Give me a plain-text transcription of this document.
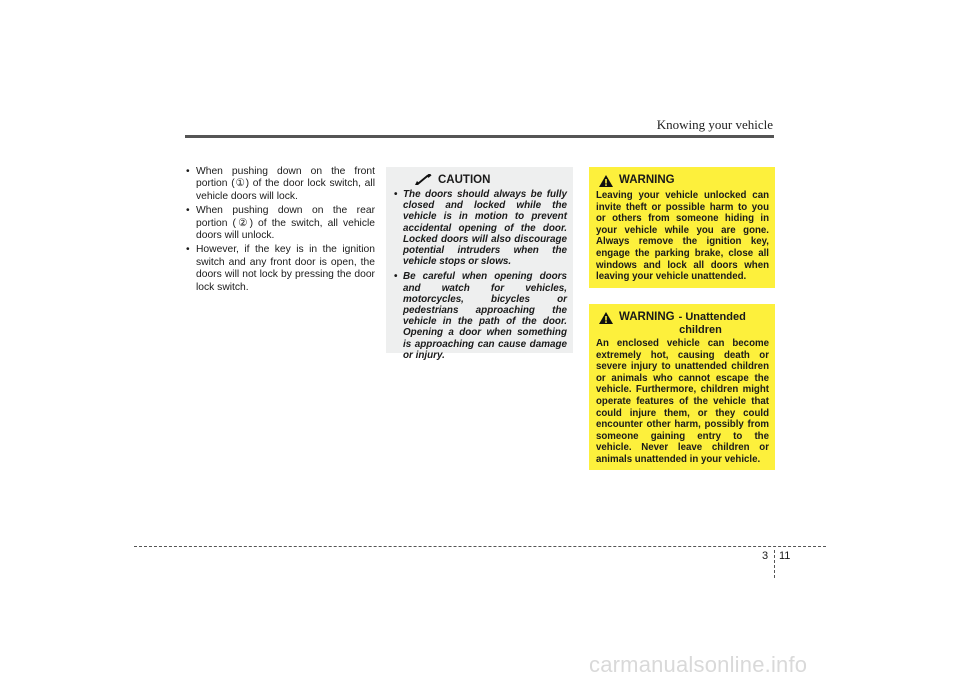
Knowing your vehicle
• When pushing down on the front portion (①) of the door lock switch, all vehicle doors will lock.
• When pushing down on the rear portion (②) of the switch, all vehicle doors will unlock.
• However, if the key is in the ignition switch and any front door is open, the doors will not lock by pressing the door lock switch.
CAUTION
• The doors should always be fully closed and locked while the vehicle is in motion to prevent accidental opening of the door. Locked doors will also discourage potential intruders when the vehicle stops or slows.
• Be careful when opening doors and watch for vehicles, motorcycles, bicycles or pedestrians approaching the vehicle in the path of the door. Opening a door when something is approaching can cause damage or injury.
WARNING
Leaving your vehicle unlocked can invite theft or possible harm to you or others from someone hiding in your vehicle while you are gone. Always remove the ignition key, engage the parking brake, close all windows and lock all doors when leaving your vehicle unattended.
WARNING - Unattended
children
An enclosed vehicle can become extremely hot, causing death or severe injury to unattended children or animals who cannot escape the vehicle. Furthermore, children might operate features of the vehicle that could injure them, or they could encounter other harm, possibly from someone gaining entry to the vehicle. Never leave children or animals unattended in your vehicle.
3 11
carmanualsonline.info
